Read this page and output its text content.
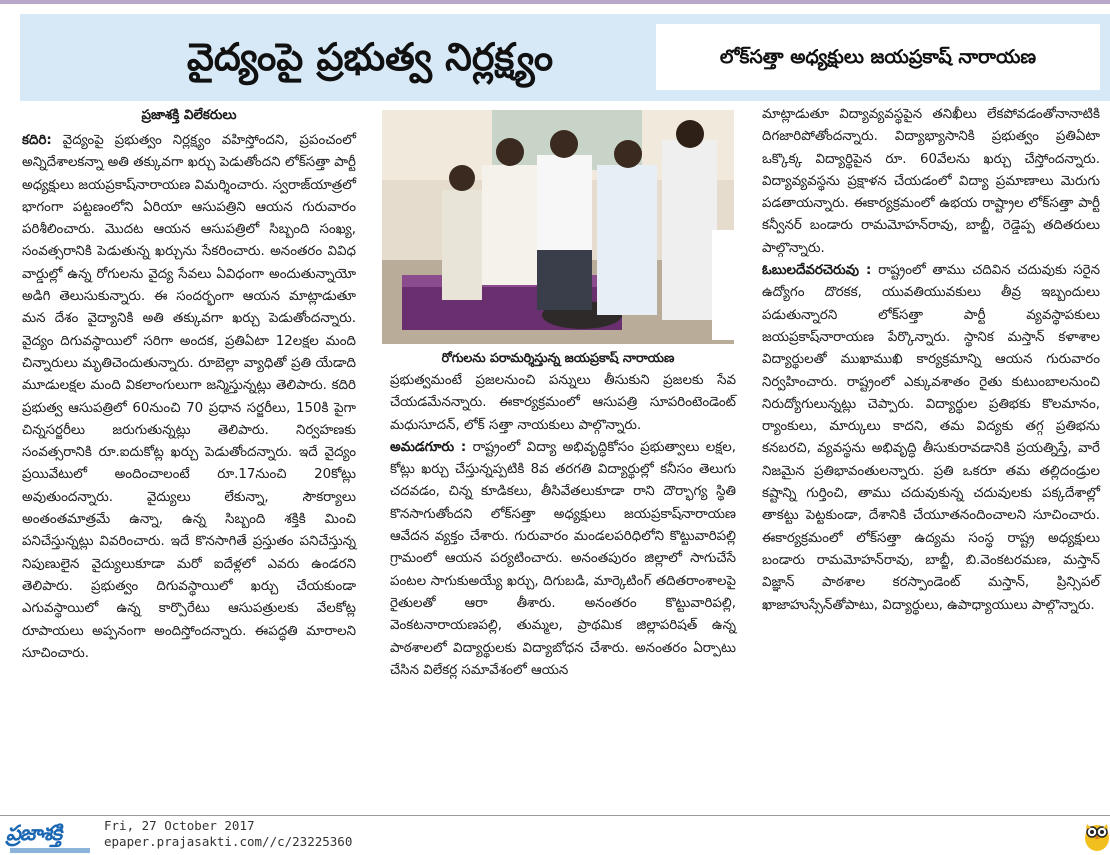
వైద్యంపై ప్రభుత్వ నిర్లక్ష్యం	లోక్‌సత్తా అధ్యక్షులు జయప్రకాష్ నారాయణ
ప్రజాశక్తి విలేకరులు

కదిరి: వైద్యంపై ప్రభుత్వం నిర్లక్ష్యం వహిస్తోందని, ప్రపంచంలో అన్నిదేశాలకన్నా అతి తక్కువగా ఖర్చు పెడుతోందని లోక్‌సత్తా పార్టీ అధ్యక్షులు జయప్రకాష్‌నారాయణ విమర్శించారు. స్వరాజ్‌యాత్రలో భాగంగా పట్టణంలోని ఏరియా ఆసుపత్రిని ఆయన గురువారం పరిశీలించారు. మొదట ఆయన ఆసుపత్రిలో సిబ్బంది సంఖ్య, సంవత్సరానికి పెడుతున్న ఖర్చును సేకరించారు. అనంతరం వివిధ వార్డుల్లో ఉన్న రోగులను వైద్య సేవలు ఏవిధంగా అందుతున్నాయో అడిగి తెలుసుకున్నారు. ఈ సందర్భంగా ఆయన మాట్లాడుతూ మన దేశం వైద్యానికి అతి తక్కువగా ఖర్చు పెడుతోందన్నారు. వైద్యం దిగువస్థాయిలో సరిగా అందక, ప్రతిఏటా 12లక్షల మంది చిన్నారులు మృతిచెందుతున్నారు. రూబెల్లా వ్యాధితో ప్రతి యేడాది మూడులక్షల మంది వికలాంగులుగా జన్మిస్తున్నట్లు తెలిపారు. కదిరి ప్రభుత్వ ఆసుపత్రిలో 60నుంచి 70 ప్రధాన సర్జరీలు, 150కి పైగా చిన్నసర్జరీలు జరుగుతున్నట్లు తెలిపారు. నిర్వహణకు సంవత్సరానికి రూ.ఐదుకోట్ల ఖర్చు పెడుతోందన్నారు. ఇదే వైద్యం ప్రయివేటులో అందించాలంటే రూ.17నుంచి 20కోట్లు అవుతుందన్నారు. వైద్యులు లేకున్నా, సౌకర్యాలు అంతంతమాత్రమే ఉన్నా, ఉన్న సిబ్బంది శక్తికి మించి పనిచేస్తున్నట్లు వివరించారు. ఇదే కొనసాగితే ప్రస్తుతం పనిచేస్తున్న నిపుణులైన వైద్యులుకూడా మరో ఐదేళ్లలో ఎవరు ఉండరని తెలిపారు. ప్రభుత్వం దిగువస్థాయిలో ఖర్చు చేయకుండా ఎగువస్థాయిలో ఉన్న కార్పొరేటు ఆసుపత్రులకు వేలకోట్ల రూపాయలు అప్పనంగా అందిస్తోందన్నారు. ఈపద్ధతి మారాలని సూచించారు.

రోగులను పరామర్శిస్తున్న జయప్రకాష్ నారాయణ

ప్రభుత్వమంటే ప్రజలనుంచి పన్నులు తీసుకుని ప్రజలకు సేవ చేయడమేనన్నారు. ఈకార్యక్రమంలో ఆసుపత్రి సూపరింటెండెంట్ మధుసూదన్, లోక్ సత్తా నాయకులు పాల్గొన్నారు.

అమడగూరు : రాష్ట్రంలో విద్యా అభివృద్ధికోసం ప్రభుత్వాలు లక్షల, కోట్లు ఖర్చు చేస్తున్నప్పటికి 8వ తరగతి విద్యార్థుల్లో కనీసం తెలుగు చదవడం, చిన్న కూడికలు, తీసివేతలుకూడా రాని దౌర్భాగ్య స్థితి కొనసాగుతోందని లోక్‌సత్తా అధ్యక్షులు జయప్రకాష్‌నారాయణ ఆవేదన వ్యక్తం చేశారు. గురువారం మండలపరిధిలోని కొట్టువారిపల్లి గ్రామంలో ఆయన పర్యటించారు. అనంతపురం జిల్లాలో సాగుచేసే పంటల సాగుకుఅయ్యే ఖర్చు, దిగుబడి, మార్కెటింగ్ తదితరాంశాలపై రైతులతో ఆరా తీశారు. అనంతరం కొట్టువారిపల్లి, వెంకటనారాయణపల్లి, తుమ్మల, ప్రాథమిక జిల్లాపరిషత్ ఉన్న పాఠశాలలో విద్యార్థులకు విద్యాబోధన చేశారు. అనంతరం ఏర్పాటు చేసిన విలేకర్ల సమావేశంలో ఆయన

మాట్లాడుతూ విద్యావ్యవస్థపైన తనిఖీలు లేకపోవడంతోనానాటికి దిగజారిపోతోందన్నారు. విద్యాభ్యాసానికి ప్రభుత్వం ప్రతిఏటా ఒక్కొక్క విద్యార్థిపైన రూ. 60వేలను ఖర్చు చేస్తోందన్నారు. విద్యావ్యవస్థను ప్రక్షాళన చేయడంలో విద్యా ప్రమాణాలు మెరుగు పడతాయన్నారు. ఈకార్యక్రమంలో ఉభయ రాష్ట్రాల లోక్‌సత్తా పార్టీ కన్వీనర్ బండారు రామమోహన్‌రావు, బాబ్జీ, రెడ్డెప్ప తదితరులు పాల్గొన్నారు.

ఓబులదేవరచెరువు : రాష్ట్రంలో తాము చదివిన చదువుకు సరైన ఉద్యోగం దొరకక, యువతియువకులు తీవ్ర ఇబ్బందులు పడుతున్నారని లోక్‌సత్తా పార్టీ వ్యవస్థాపకులు జయప్రకాష్‌నారాయణ పేర్కొన్నారు. స్థానిక మస్తాన్ కళాశాల విద్యార్థులతో ముఖాముఖి కార్యక్రమాన్ని ఆయన గురువారం నిర్వహించారు. రాష్ట్రంలో ఎక్కువశాతం రైతు కుటుంబాలనుంచి నిరుద్యోగులున్నట్లు చెప్పారు. విద్యార్థుల ప్రతిభకు కొలమానం, ర్యాంకులు, మార్కులు కాదని, తమ విద్యకు తగ్గ ప్రతిభను కనబరచి, వ్యవస్థను అభివృద్ధి తీసుకురావడానికి ప్రయత్నిస్తే, వారే నిజమైన ప్రతిభావంతులన్నారు. ప్రతి ఒకరూ తమ తల్లిదండ్రుల కష్టాన్ని గుర్తించి, తాము చదువుకున్న చదువులకు పక్కదేశాల్లో తాకట్టు పెట్టకుండా, దేశానికి చేయూతనందించాలని సూచించారు. ఈకార్యక్రమంలో లోక్‌సత్తా ఉద్యమ సంస్థ రాష్ట్ర అధ్యక్షులు బండారు రామమోహన్‌రావు, బాబ్జీ, బి.వెంకటరమణ, మస్తాన్ విజ్ఞాన్ పాఠశాల కరస్పాండెంట్ మస్తాన్, ప్రిన్సిపల్ ఖాజాహుస్సేన్‌తోపాటు, విద్యార్థులు, ఉపాధ్యాయులు పాల్గొన్నారు.

ప్రజాశక్తి	Fri, 27 October 2017
epaper.prajasakti.com//c/23225360
